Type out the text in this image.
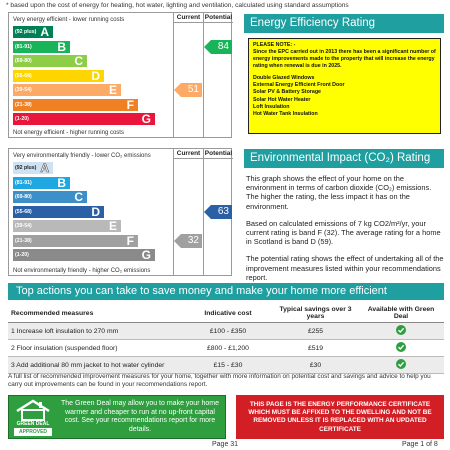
* based upon the cost of energy for heating, hot water, lighting and ventilation, calculated using standard assumptions
Current Potential
Very energy efficient - lower running costs
Not energy efficient - higher running costs
(92 plus) A
(81-91) B
(69-80)	C
(55-68)	D
(39-54)	E
(21-38)	F
(1-20)	G
51
84
Current Potential
Very environmentally friendly - lower CO₂ emissions
Not environmentally friendly - higher CO₂ emissions
(92 plus) A
(81-91) B
(69-80)	C
(55-68)	D
(39-54)	E
(21-38)	F
(1-20)	G
32
63
Energy Efficiency Rating

PLEASE NOTE: -
Since the EPC carried out in 2013 there has been a significant number of energy improvements made to the property that will increase the energy rating when renewal is due in 2025.

Double Glazed Windows
External Energy Efficient Front Door
Solar PV & Battery Storage
Solar Hot Water Heater
Loft Insulation
Hot Water Tank Insulation
Environmental Impact (CO₂) Rating

This graph shows the effect of your home on the environment in terms of carbon dioxide (CO₂) emissions. The higher the rating, the less impact it has on the environment.

Based on calculated emissions of 7 kg CO2/m²/yr, your current rating is band F (32). The average rating for a home in Scotland is band D (59).

The potential rating shows the effect of undertaking all of the improvement measures listed within your recommendations report.

Top actions you can take to save money and make your home more efficient
Recommended measures	Indicative cost	Typical savings over 3 years	Available with Green Deal
1 Increase loft insulation to 270 mm	£100 - £350	£255	
2 Floor insulation (suspended floor)	£800 - £1,200	£519	
3 Add additional 80 mm jacket to hot water cylinder	£15 - £30	£30	
A full list of recommended improvement measures for your home, together with more information on potential cost and savings and advice to help you carry out improvements can be found in your recommendations report.
GREEN DEAL
APPROVED
The Green Deal may allow you to make your home warmer and cheaper to run at no up-front capital cost. See your recommendations report for more details.
THIS PAGE IS THE ENERGY PERFORMANCE CERTIFICATE WHICH MUST BE AFFIXED TO THE DWELLING AND NOT BE REMOVED UNLESS IT IS REPLACED WITH AN UPDATED CERTIFICATE
Page 31	Page 1 of 8
